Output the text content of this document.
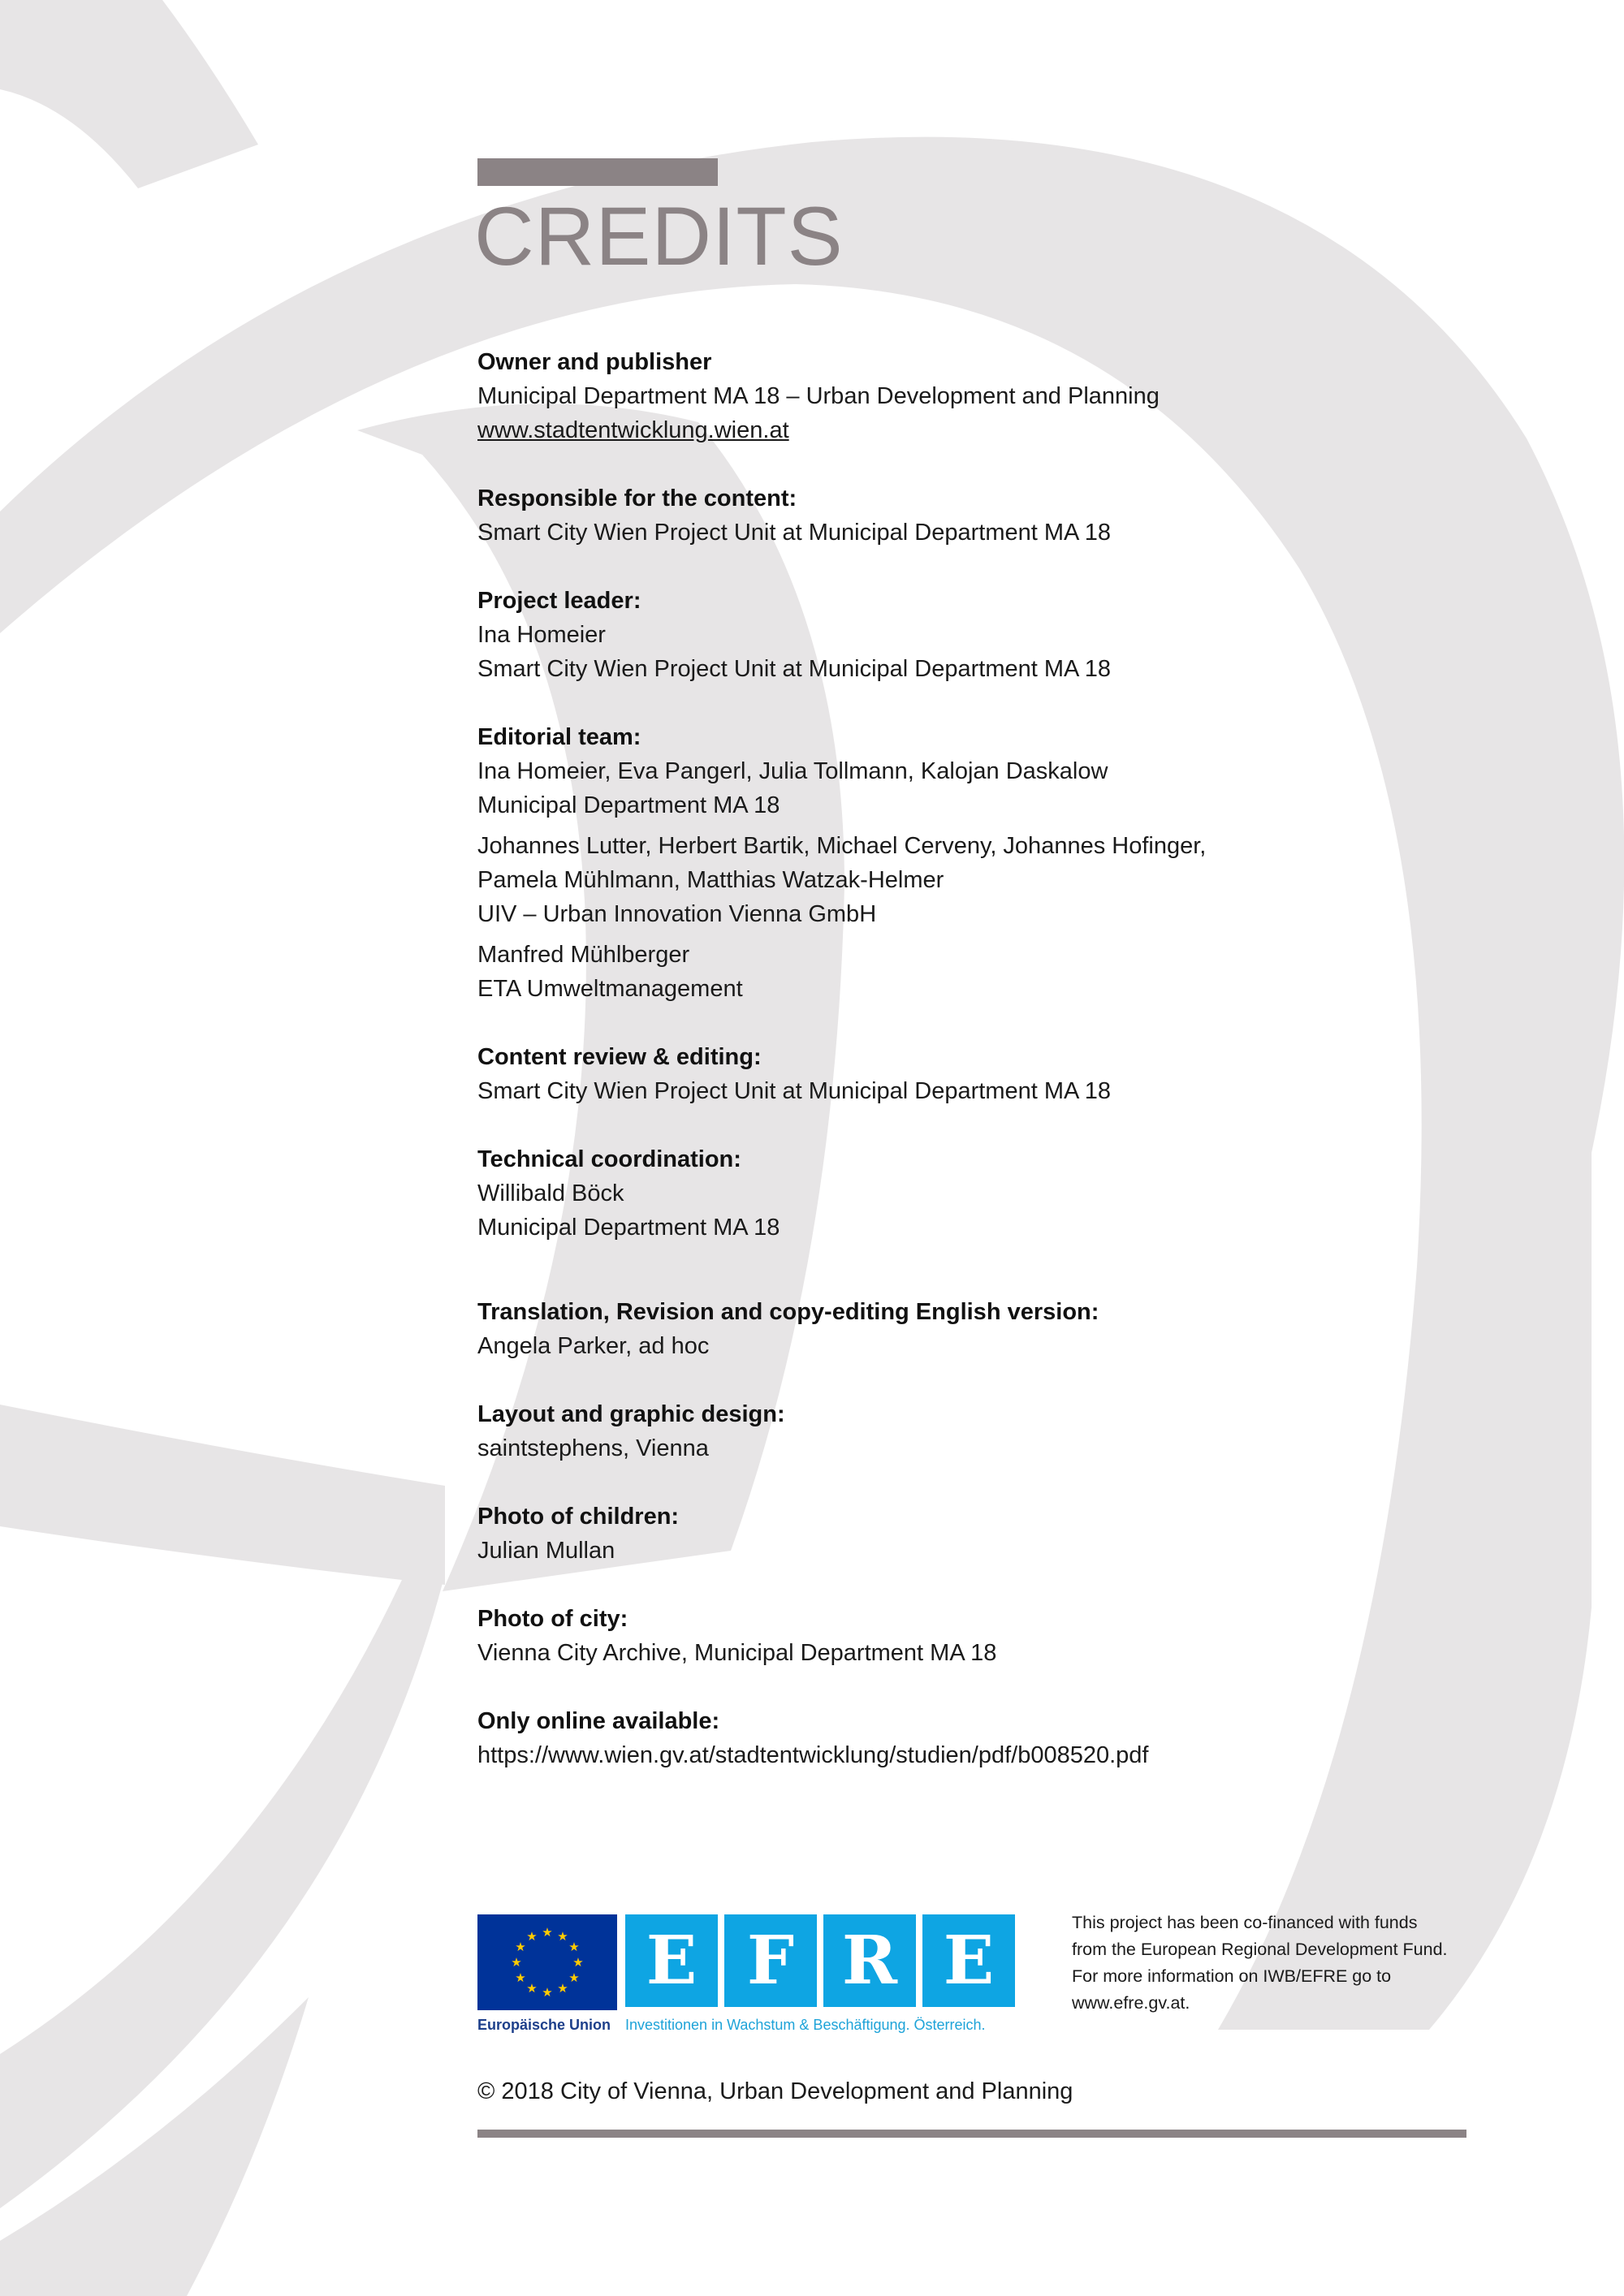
CREDITS
Owner and publisher
Municipal Department MA 18 – Urban Development and Planning
www.stadtentwicklung.wien.at
Responsible for the content:
Smart City Wien Project Unit at Municipal Department MA 18
Project leader:
Ina Homeier
Smart City Wien Project Unit at Municipal Department MA 18
Editorial team:
Ina Homeier, Eva Pangerl, Julia Tollmann, Kalojan Daskalow
Municipal Department MA 18
Johannes Lutter, Herbert Bartik, Michael Cerveny, Johannes Hofinger,
Pamela Mühlmann, Matthias Watzak-Helmer
UIV – Urban Innovation Vienna GmbH
Manfred Mühlberger
ETA Umweltmanagement
Content review & editing:
Smart City Wien Project Unit at Municipal Department MA 18
Technical coordination:
Willibald Böck
Municipal Department MA 18
Translation, Revision and copy-editing English version:
Angela Parker, ad hoc
Layout and graphic design:
saintstephens, Vienna
Photo of children:
Julian Mullan
Photo of city:
Vienna City Archive, Municipal Department MA 18
Only online available:
https://www.wien.gv.at/stadtentwicklung/studien/pdf/b008520.pdf
★ ★
★
★
★
★
★
★
★
★
★
★	E F R E
Europäische Union Investitionen in Wachstum & Beschäftigung. Österreich.
This project has been co-financed with funds
from the European Regional Development Fund.
For more information on IWB/EFRE go to
www.efre.gv.at.
© 2018 City of Vienna, Urban Development and Planning
